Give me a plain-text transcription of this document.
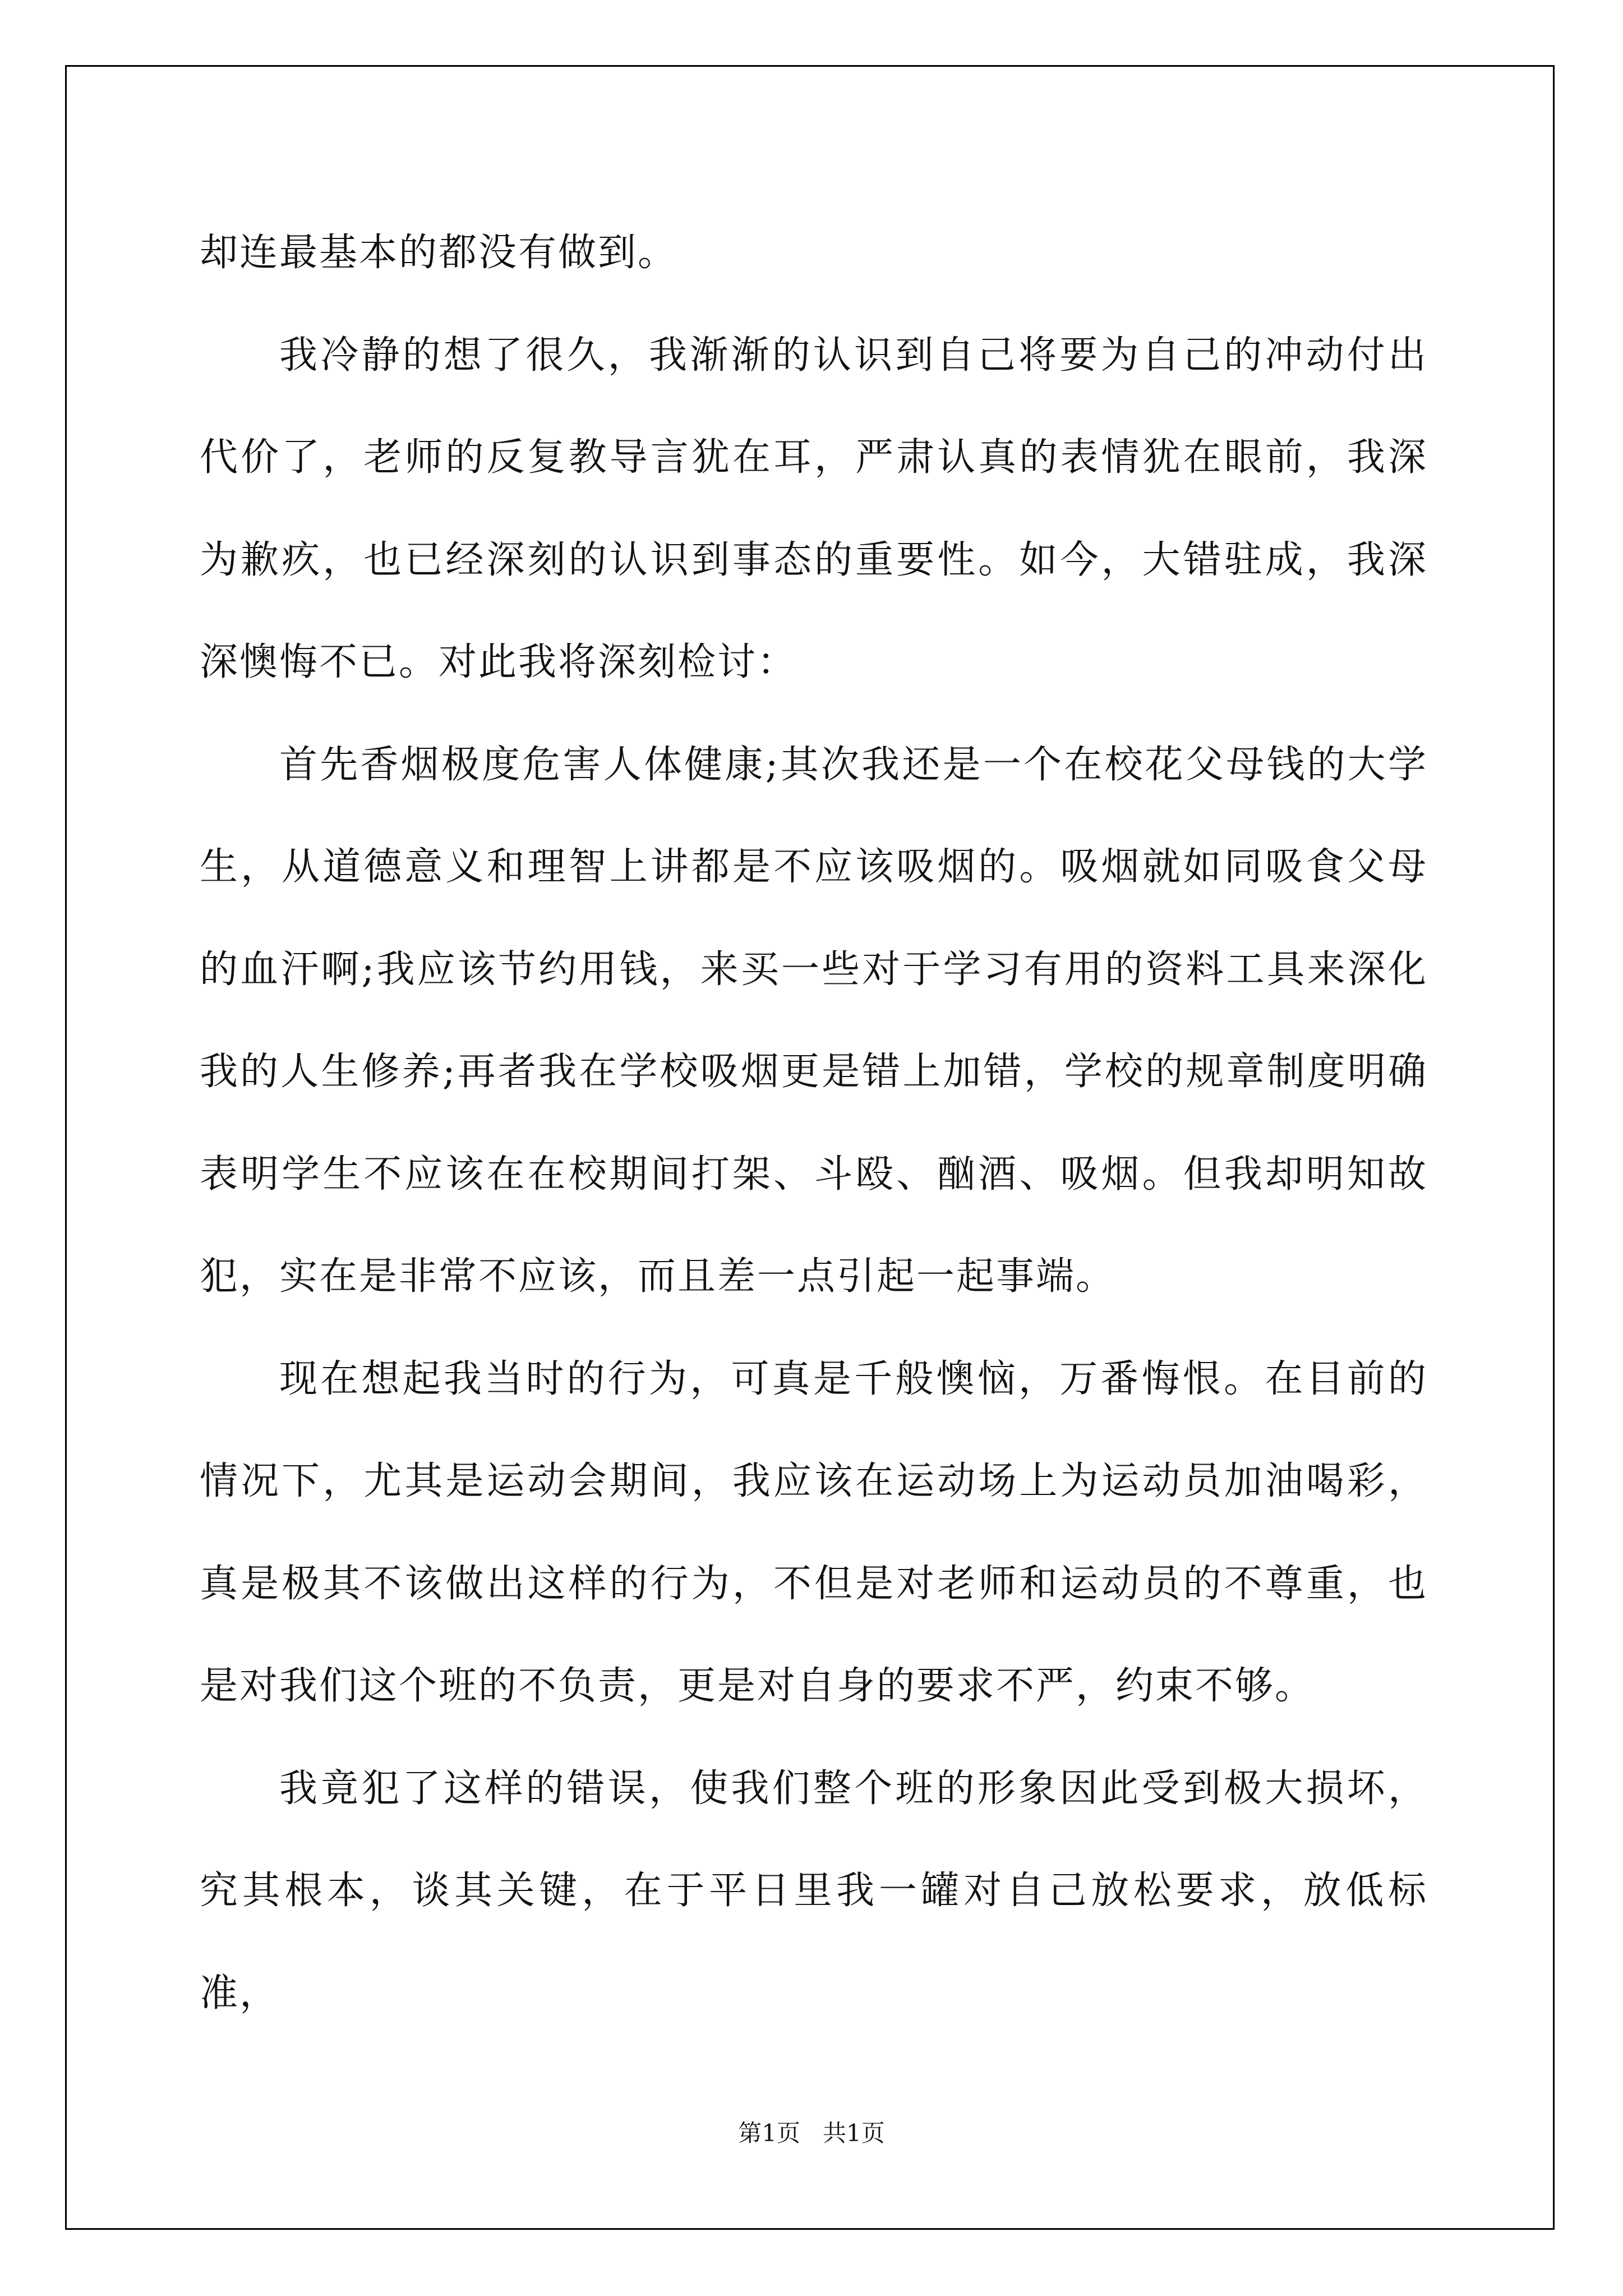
却连最基本的都没有做到。

我冷静的想了很久，我渐渐的认识到自己将要为自己的冲动付出代价了，老师的反复教导言犹在耳，严肃认真的表情犹在眼前，我深为歉疚，也已经深刻的认识到事态的重要性。如今，大错驻成，我深深懊悔不已。对此我将深刻检讨：

首先香烟极度危害人体健康;其次我还是一个在校花父母钱的大学生，从道德意义和理智上讲都是不应该吸烟的。吸烟就如同吸食父母的血汗啊;我应该节约用钱，来买一些对于学习有用的资料工具来深化我的人生修养;再者我在学校吸烟更是错上加错，学校的规章制度明确表明学生不应该在在校期间打架、斗殴、酗酒、吸烟。但我却明知故犯，实在是非常不应该，而且差一点引起一起事端。

现在想起我当时的行为，可真是千般懊恼，万番悔恨。在目前的情况下，尤其是运动会期间，我应该在运动场上为运动员加油喝彩，真是极其不该做出这样的行为，不但是对老师和运动员的不尊重，也是对我们这个班的不负责，更是对自身的要求不严，约束不够。

我竟犯了这样的错误，使我们整个班的形象因此受到极大损坏，究其根本，谈其关键，在于平日里我一罐对自己放松要求，放低标准，

第1页 共1页
